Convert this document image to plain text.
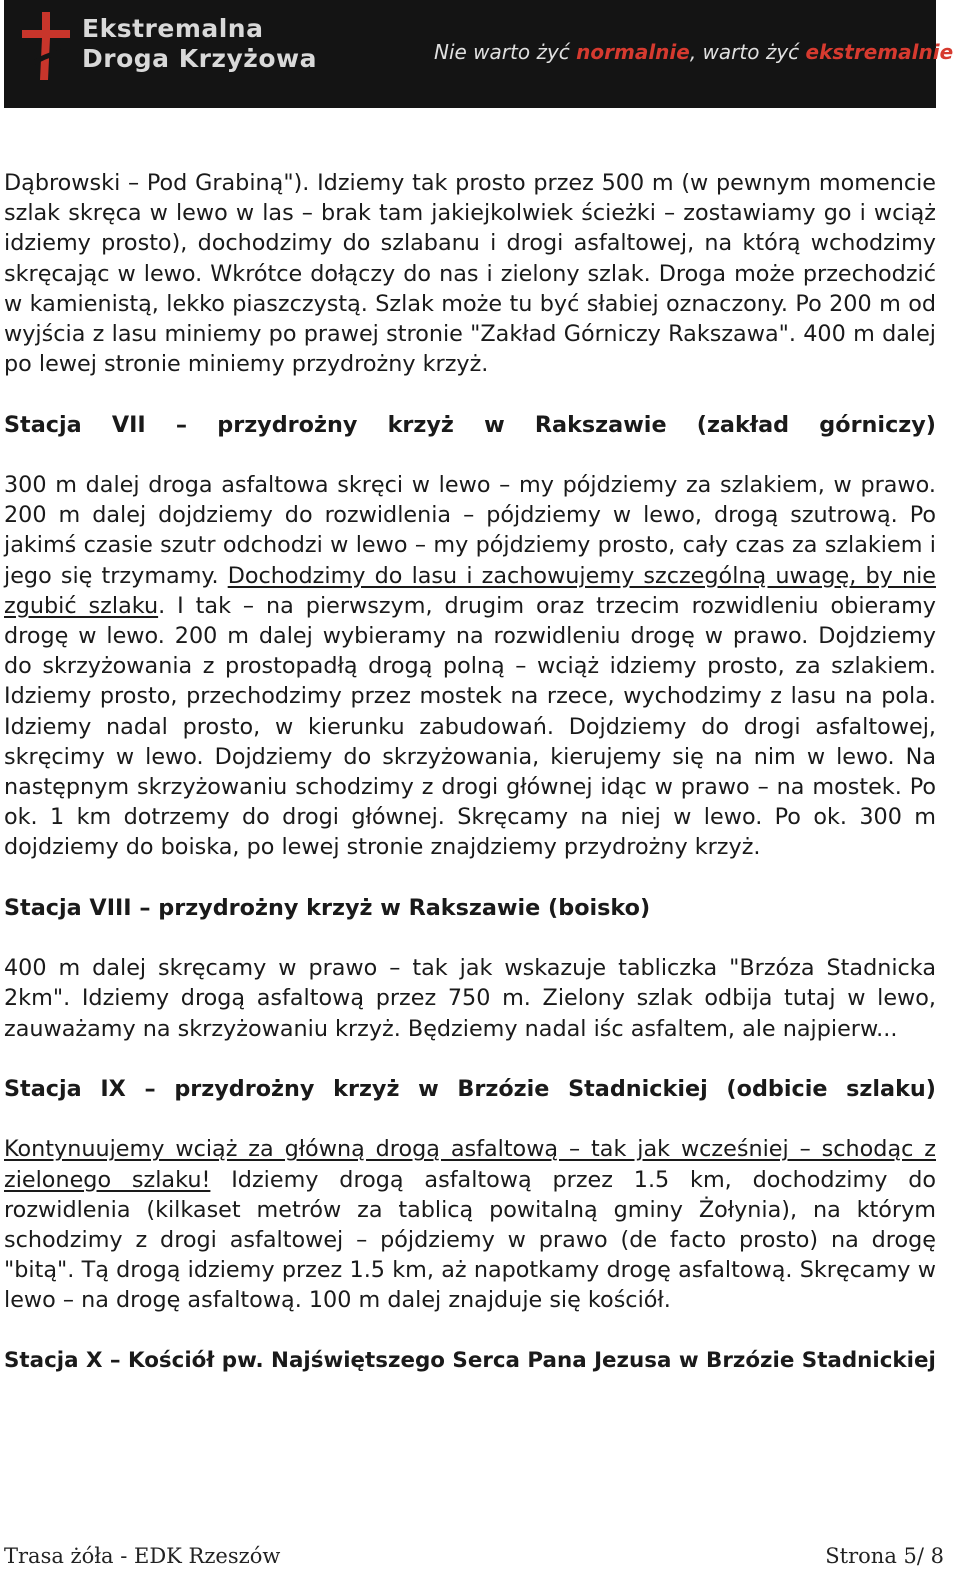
Ekstremalna
Droga Krzyżowa	Nie warto żyć normalnie, warto żyć ekstremalnie

Dąbrowski – Pod Grabiną"). Idziemy tak prosto przez 500 m (w pewnym momencie szlak skręca w lewo w las – brak tam jakiejkolwiek ścieżki – zostawiamy go i wciąż idziemy prosto), dochodzimy do szlabanu i drogi asfaltowej, na którą wchodzimy skręcając w lewo. Wkrótce dołączy do nas i zielony szlak. Droga może przechodzić w kamienistą, lekko piaszczystą. Szlak może tu być słabiej oznaczony. Po 200 m od wyjścia z lasu miniemy po prawej stronie "Zakład Górniczy Rakszawa". 400 m dalej po lewej stronie miniemy przydrożny krzyż.

Stacja VII – przydrożny krzyż w Rakszawie (zakład górniczy)

300 m dalej droga asfaltowa skręci w lewo – my pójdziemy za szlakiem, w prawo. 200 m dalej dojdziemy do rozwidlenia – pójdziemy w lewo, drogą szutrową. Po jakimś czasie szutr odchodzi w lewo – my pójdziemy prosto, cały czas za szlakiem i jego się trzymamy. Dochodzimy do lasu i zachowujemy szczególną uwagę, by nie zgubić szlaku. I tak – na pierwszym, drugim oraz trzecim rozwidleniu obieramy drogę w lewo. 200 m dalej wybieramy na rozwidleniu drogę w prawo. Dojdziemy do skrzyżowania z prostopadłą drogą polną – wciąż idziemy prosto, za szlakiem. Idziemy prosto, przechodzimy przez mostek na rzece, wychodzimy z lasu na pola. Idziemy nadal prosto, w kierunku zabudowań. Dojdziemy do drogi asfaltowej, skręcimy w lewo. Dojdziemy do skrzyżowania, kierujemy się na nim w lewo. Na następnym skrzyżowaniu schodzimy z drogi głównej idąc w prawo – na mostek. Po ok. 1 km dotrzemy do drogi głównej. Skręcamy na niej w lewo. Po ok. 300 m dojdziemy do boiska, po lewej stronie znajdziemy przydrożny krzyż.

Stacja VIII – przydrożny krzyż w Rakszawie (boisko)

400 m dalej skręcamy w prawo – tak jak wskazuje tabliczka "Brzóza Stadnicka 2km". Idziemy drogą asfaltową przez 750 m. Zielony szlak odbija tutaj w lewo, zauważamy na skrzyżowaniu krzyż. Będziemy nadal iśc asfaltem, ale najpierw...

Stacja IX – przydrożny krzyż w Brzózie Stadnickiej (odbicie szlaku)

Kontynuujemy wciąż za główną drogą asfaltową – tak jak wcześniej – schodąc z zielonego szlaku! Idziemy drogą asfaltową przez 1.5 km, dochodzimy do rozwidlenia (kilkaset metrów za tablicą powitalną gminy Żołynia), na którym schodzimy z drogi asfaltowej – pójdziemy w prawo (de facto prosto) na drogę "bitą". Tą drogą idziemy przez 1.5 km, aż napotkamy drogę asfaltową. Skręcamy w lewo – na drogę asfaltową. 100 m dalej znajduje się kościół.

Stacja X – Kościół pw. Najświętszego Serca Pana Jezusa w Brzózie Stadnickiej

Trasa żóła - EDK Rzeszów	Strona 5/ 8
